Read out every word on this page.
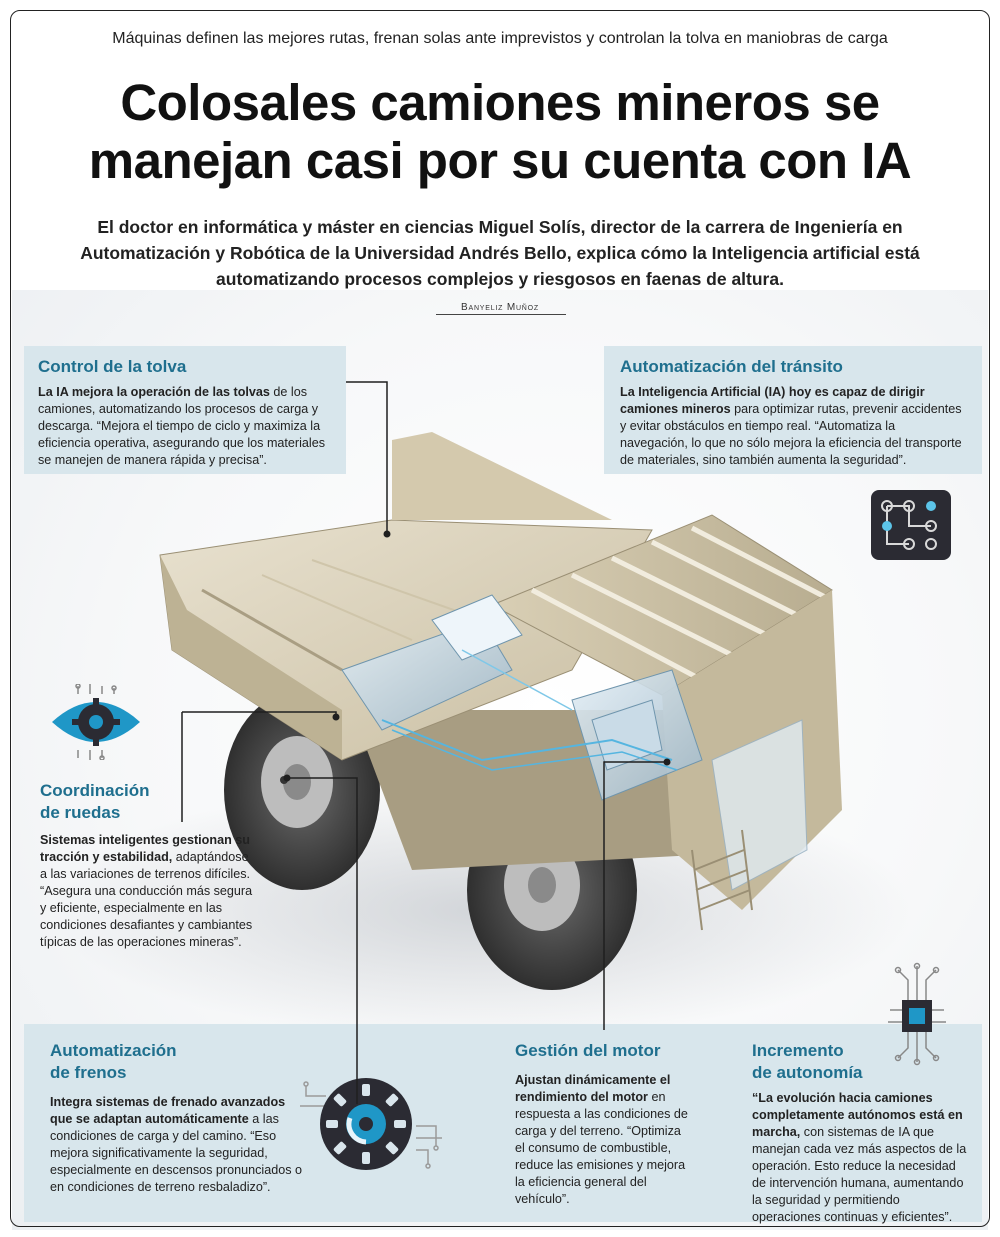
Máquinas definen las mejores rutas, frenan solas ante imprevistos y controlan la tolva en maniobras de carga
Colosales camiones mineros se
manejan casi por su cuenta con IA
El doctor en informática y máster en ciencias Miguel Solís, director de la carrera de Ingeniería en Automatización y Robótica de la Universidad Andrés Bello, explica cómo la Inteligencia artificial está automatizando procesos complejos y riesgosos en faenas de altura.
Banyeliz Muñoz
Control de la tolva
La IA mejora la operación de las tolvas de los camiones, automatizando los procesos de carga y descarga. “Mejora el tiempo de ciclo y maximiza la eficiencia operativa, asegurando que los materiales se manejen de manera rápida y precisa”.
Automatización del tránsito
La Inteligencia Artificial (IA) hoy es capaz de dirigir camiones mineros para optimizar rutas, prevenir accidentes y evitar obstáculos en tiempo real. “Automatiza la navegación, lo que no sólo mejora la eficiencia del transporte de materiales, sino también aumenta la seguridad”.
Coordinación
de ruedas
Sistemas inteligentes gestionan su tracción y estabilidad, adaptándose a las variaciones de terrenos difíciles. “Asegura una conducción más segura y eficiente, especialmente en las condiciones desafiantes y cambiantes típicas de las operaciones mineras”.
Automatización
de frenos
Integra sistemas de frenado avanzados que se adaptan automáticamente a las condiciones de carga y del camino. “Eso mejora significativamente la seguridad, especialmente en descensos pronunciados o en condiciones de terreno resbaladizo”.
Gestión del motor
Ajustan dinámicamente el rendimiento del motor en respuesta a las condiciones de carga y del terreno. “Optimiza el consumo de combustible, reduce las emisiones y mejora la eficiencia general del vehículo”.
Incremento
de autonomía
“La evolución hacia camiones completamente autónomos está en marcha, con sistemas de IA que manejan cada vez más aspectos de la operación. Esto reduce la necesidad de intervención humana, aumentando la seguridad y permitiendo operaciones continuas y eficientes”.
